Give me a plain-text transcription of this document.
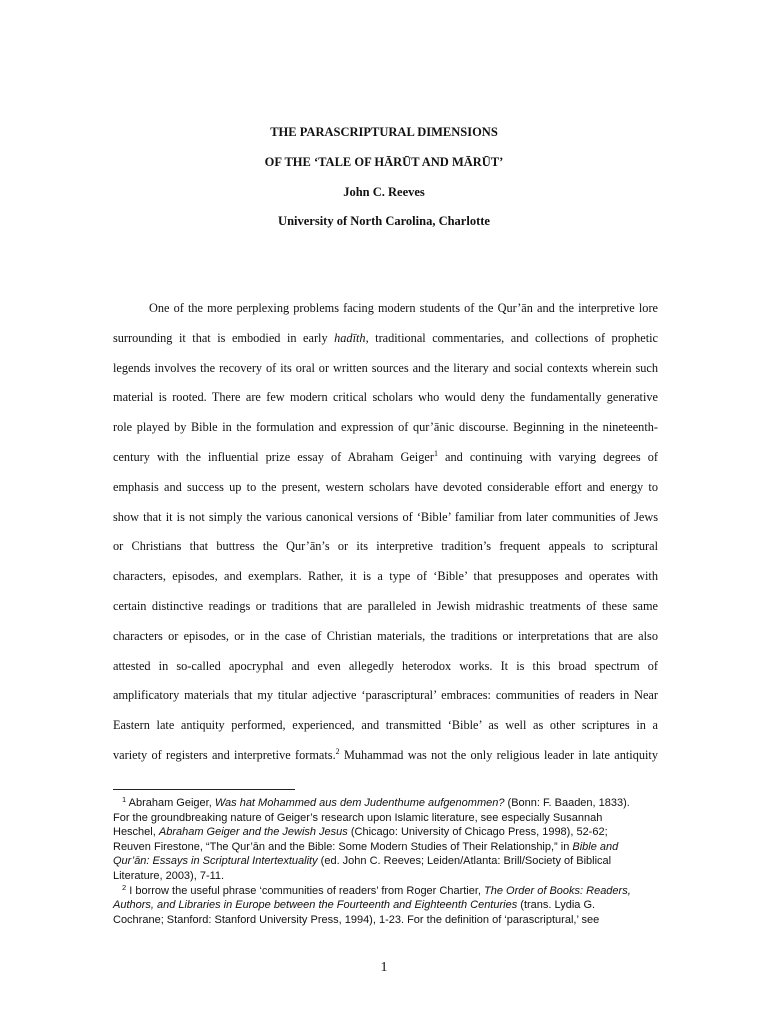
THE PARASCRIPTURAL DIMENSIONS
OF THE ‘TALE OF HĀRŪT AND MĀRŪT’
John C. Reeves
University of North Carolina, Charlotte
One of the more perplexing problems facing modern students of the Qur’ān and the interpretive lore
surrounding it that is embodied in early hadīth, traditional commentaries, and collections of prophetic
legends involves the recovery of its oral or written sources and the literary and social contexts wherein such
material is rooted. There are few modern critical scholars who would deny the fundamentally generative
role played by Bible in the formulation and expression of qur’ānic discourse. Beginning in the nineteenth-
century with the influential prize essay of Abraham Geiger$^1$ and continuing with varying degrees of
emphasis and success up to the present, western scholars have devoted considerable effort and energy to
show that it is not simply the various canonical versions of ‘Bible’ familiar from later communities of Jews
or Christians that buttress the Qur’ān’s or its interpretive tradition’s frequent appeals to scriptural
characters, episodes, and exemplars. Rather, it is a type of ‘Bible’ that presupposes and operates with
certain distinctive readings or traditions that are paralleled in Jewish midrashic treatments of these same
characters or episodes, or in the case of Christian materials, the traditions or interpretations that are also
attested in so-called apocryphal and even allegedly heterodox works. It is this broad spectrum of
amplificatory materials that my titular adjective ‘parascriptural’ embraces: communities of readers in Near
Eastern late antiquity performed, experienced, and transmitted ‘Bible’ as well as other scriptures in a
variety of registers and interpretive formats.$^2$ Muhammad was not the only religious leader in late antiquity
$^1$ Abraham Geiger, Was hat Mohammed aus dem Judenthume aufgenommen? (Bonn: F. Baaden, 1833).
For the groundbreaking nature of Geiger’s research upon Islamic literature, see especially Susannah
Heschel, Abraham Geiger and the Jewish Jesus (Chicago: University of Chicago Press, 1998), 52-62;
Reuven Firestone, “The Qur’ān and the Bible: Some Modern Studies of Their Relationship,” in Bible and
Qur’ān: Essays in Scriptural Intertextuality (ed. John C. Reeves; Leiden/Atlanta: Brill/Society of Biblical
Literature, 2003), 7-11.
$^2$ I borrow the useful phrase ‘communities of readers’ from Roger Chartier, The Order of Books: Readers,
Authors, and Libraries in Europe between the Fourteenth and Eighteenth Centuries (trans. Lydia G.
Cochrane; Stanford: Stanford University Press, 1994), 1-23. For the definition of ‘parascriptural,’ see
1
